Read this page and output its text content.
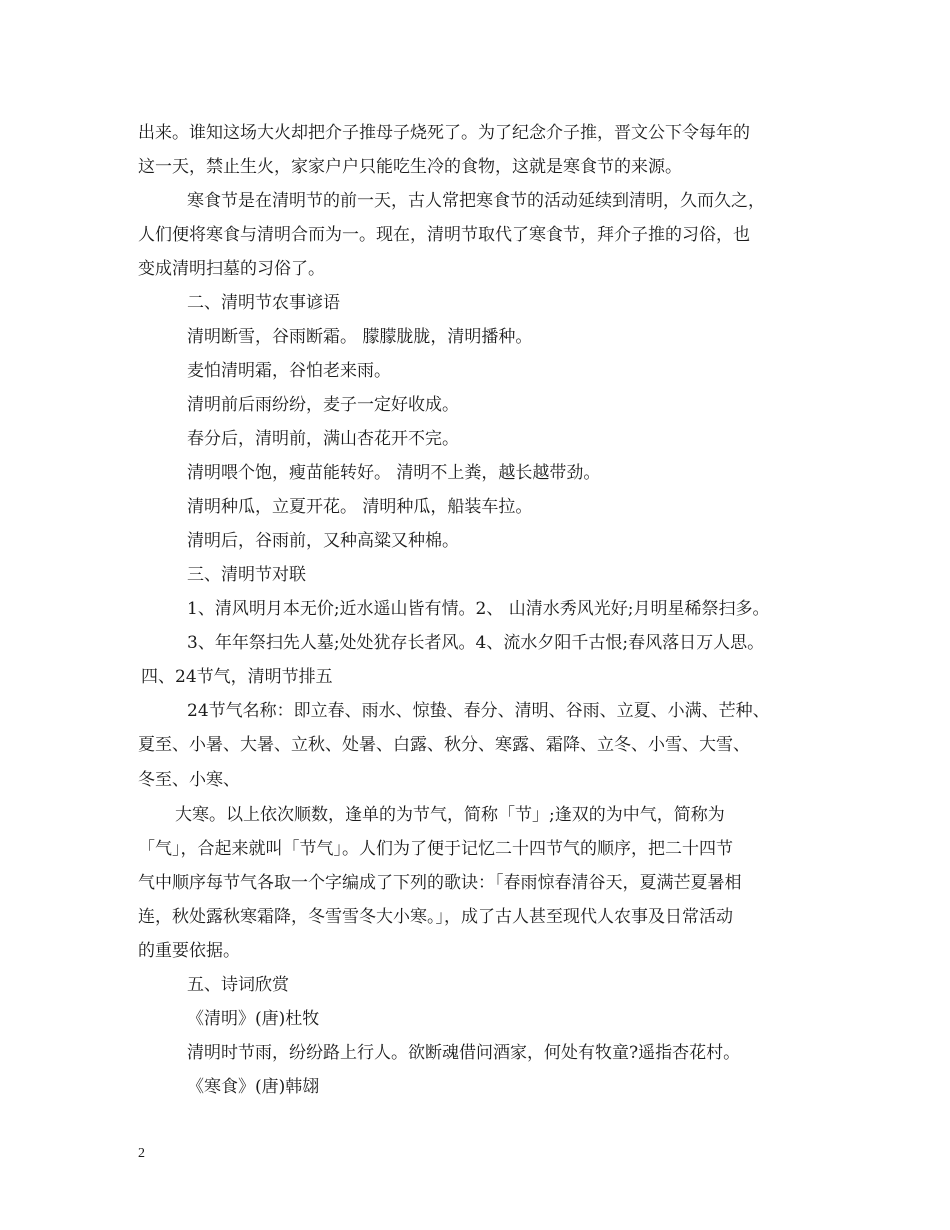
出来。谁知这场大火却把介子推母子烧死了。为了纪念介子推，晋文公下令每年的
这一天，禁止生火，家家户户只能吃生冷的食物，这就是寒食节的来源。
寒食节是在清明节的前一天，古人常把寒食节的活动延续到清明，久而久之，
人们便将寒食与清明合而为一。现在，清明节取代了寒食节，拜介子推的习俗，也
变成清明扫墓的习俗了。
二、清明节农事谚语
清明断雪，谷雨断霜。 朦朦胧胧，清明播种。
麦怕清明霜，谷怕老来雨。
清明前后雨纷纷，麦子一定好收成。
春分后，清明前，满山杏花开不完。
清明喂个饱，瘦苗能转好。 清明不上粪，越长越带劲。
清明种瓜，立夏开花。 清明种瓜，船装车拉。
清明后，谷雨前，又种高粱又种棉。
三、清明节对联
1、清风明月本无价;近水遥山皆有情。2、 山清水秀风光好;月明星稀祭扫多。
3、年年祭扫先人墓;处处犹存长者风。4、流水夕阳千古恨;春风落日万人思。
四、24节气，清明节排五
24节气名称：即立春、雨水、惊蛰、春分、清明、谷雨、立夏、小满、芒种、
夏至、小暑、大暑、立秋、处暑、白露、秋分、寒露、霜降、立冬、小雪、大雪、
冬至、小寒、
大寒。以上依次顺数，逢单的为节气，简称「节」;逢双的为中气，简称为
「气」，合起来就叫「节气」。人们为了便于记忆二十四节气的顺序，把二十四节
气中顺序每节气各取一个字编成了下列的歌诀：「春雨惊春清谷天，夏满芒夏暑相
连，秋处露秋寒霜降，冬雪雪冬大小寒。」，成了古人甚至现代人农事及日常活动
的重要依据。
五、诗词欣赏
《清明》(唐)杜牧
清明时节雨，纷纷路上行人。欲断魂借问酒家，何处有牧童?遥指杏花村。
《寒食》(唐)韩翃
2
